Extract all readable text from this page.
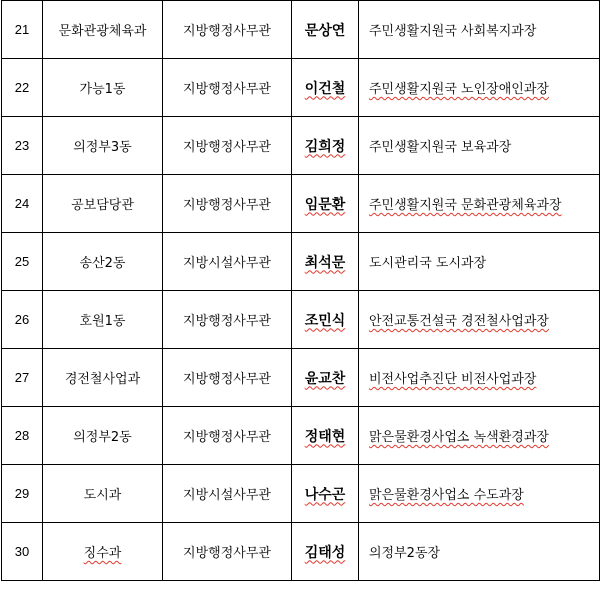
21	문화관광체육과	지방행정사무관	문상연	주민생활지원국 사회복지과장
22	가능1동	지방행정사무관	이건철	주민생활지원국 노인장애인과장
23	의정부3동	지방행정사무관	김희정	주민생활지원국 보육과장
24	공보담당관	지방행정사무관	임문환	주민생활지원국 문화관광체육과장
25	송산2동	지방시설사무관	최석문	도시관리국 도시과장
26	호원1동	지방행정사무관	조민식	안전교통건설국 경전철사업과장
27	경전철사업과	지방행정사무관	윤교찬	비전사업추진단 비전사업과장
28	의정부2동	지방행정사무관	정태현	맑은물환경사업소 녹색환경과장
29	도시과	지방시설사무관	나수곤	맑은물환경사업소 수도과장
30	징수과	지방행정사무관	김태성	의정부2동장
